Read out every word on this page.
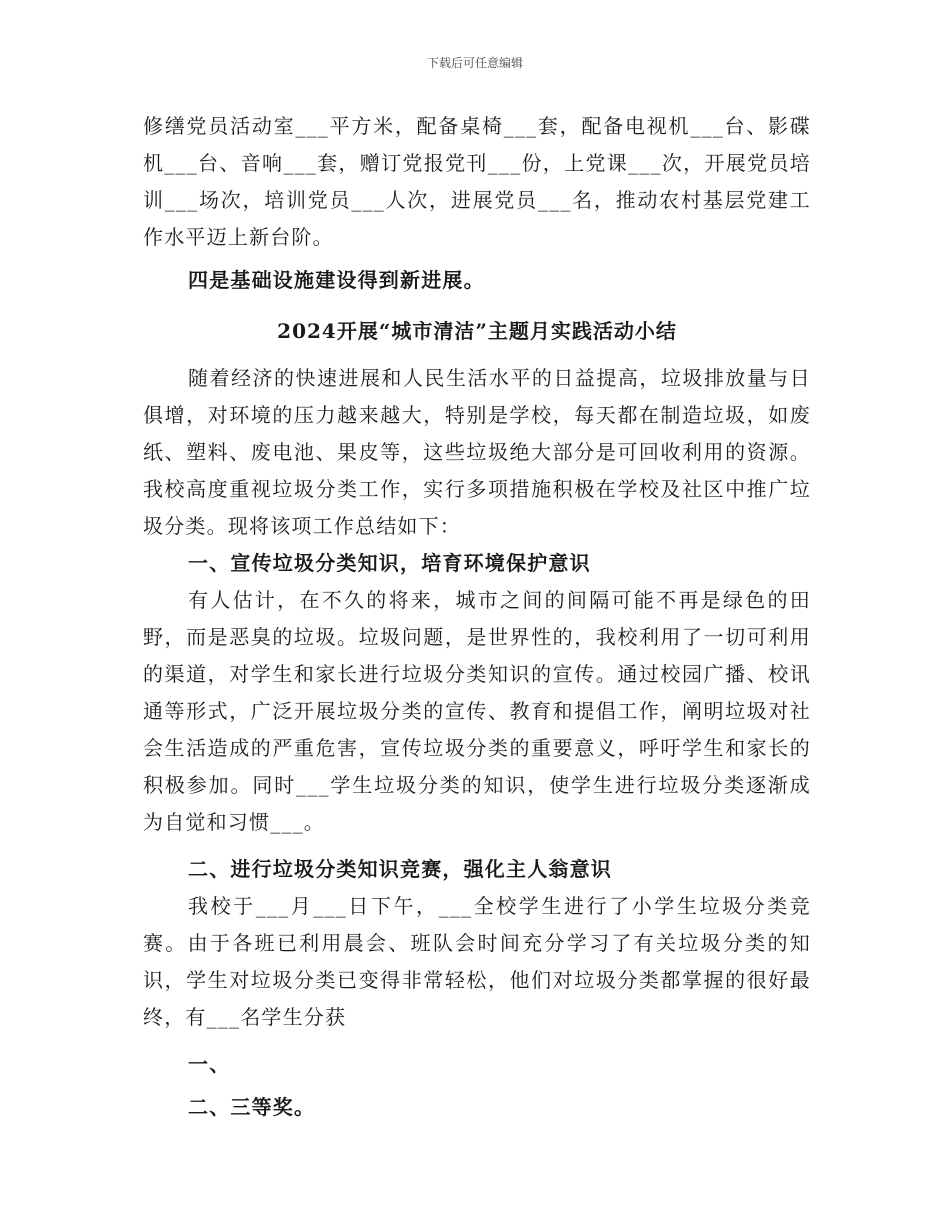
下载后可任意编辑

修缮党员活动室___平方米，配备桌椅___套，配备电视机___台、影碟机___台、音响___套，赠订党报党刊___份，上党课___次，开展党员培训___场次，培训党员___人次，进展党员___名，推动农村基层党建工作水平迈上新台阶。

四是基础设施建设得到新进展。

2024开展“城市清洁”主题月实践活动小结

随着经济的快速进展和人民生活水平的日益提高，垃圾排放量与日俱增，对环境的压力越来越大，特别是学校，每天都在制造垃圾，如废纸、塑料、废电池、果皮等，这些垃圾绝大部分是可回收利用的资源。我校高度重视垃圾分类工作，实行多项措施积极在学校及社区中推广垃圾分类。现将该项工作总结如下：

一、宣传垃圾分类知识，培育环境保护意识

有人估计，在不久的将来，城市之间的间隔可能不再是绿色的田野，而是恶臭的垃圾。垃圾问题，是世界性的，我校利用了一切可利用的渠道，对学生和家长进行垃圾分类知识的宣传。通过校园广播、校讯通等形式，广泛开展垃圾分类的宣传、教育和提倡工作，阐明垃圾对社会生活造成的严重危害，宣传垃圾分类的重要意义，呼吁学生和家长的积极参加。同时___学生垃圾分类的知识，使学生进行垃圾分类逐渐成为自觉和习惯___。

二、进行垃圾分类知识竞赛，强化主人翁意识

我校于___月___日下午，___全校学生进行了小学生垃圾分类竞赛。由于各班已利用晨会、班队会时间充分学习了有关垃圾分类的知识，学生对垃圾分类已变得非常轻松，他们对垃圾分类都掌握的很好最终，有___名学生分获

一、

二、三等奖。
